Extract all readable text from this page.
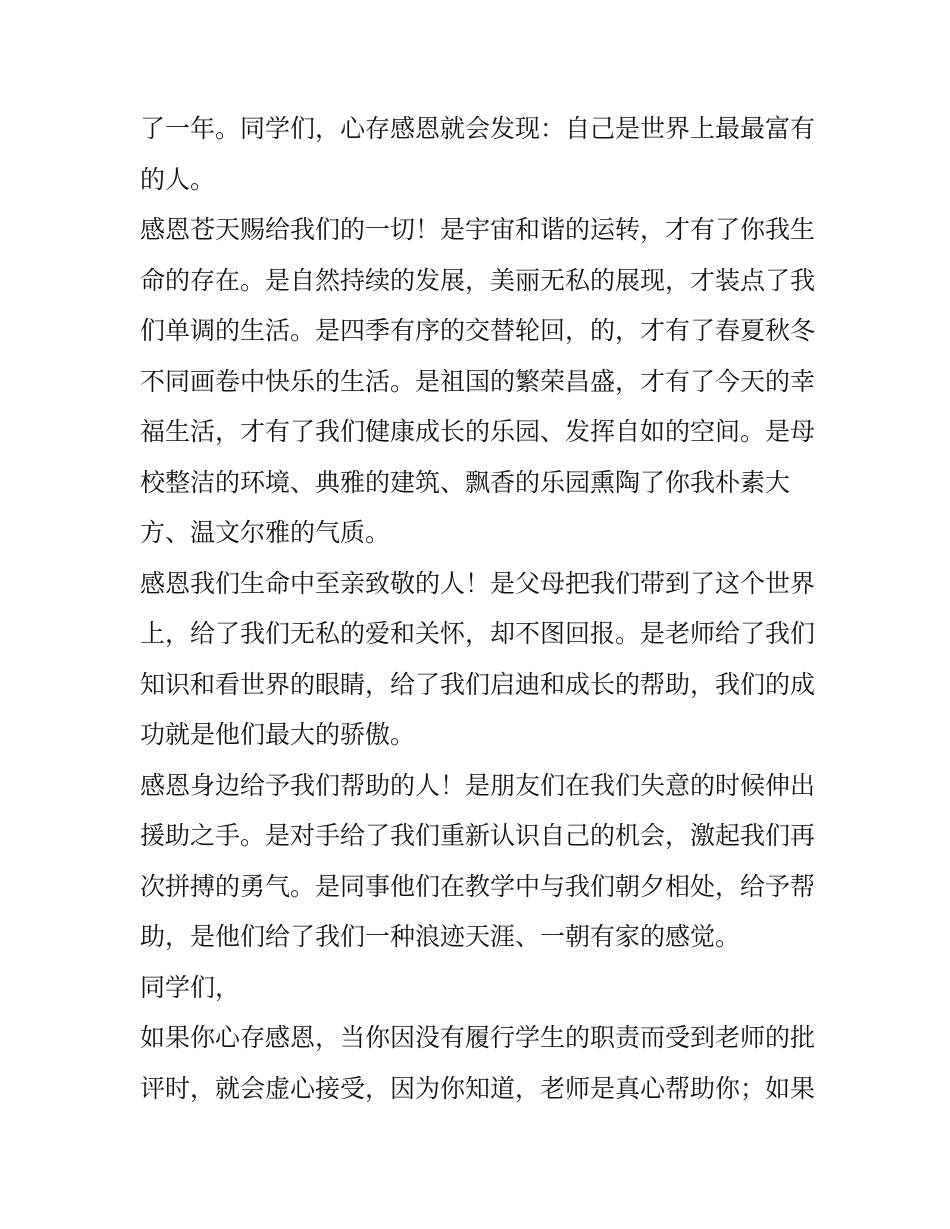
了一年。同学们，心存感恩就会发现：自己是世界上最最富有
的人。
感恩苍天赐给我们的一切！是宇宙和谐的运转，才有了你我生
命的存在。是自然持续的发展，美丽无私的展现，才装点了我
们单调的生活。是四季有序的交替轮回，的，才有了春夏秋冬
不同画卷中快乐的生活。是祖国的繁荣昌盛，才有了今天的幸
福生活，才有了我们健康成长的乐园、发挥自如的空间。是母
校整洁的环境、典雅的建筑、飘香的乐园熏陶了你我朴素大
方、温文尔雅的气质。
感恩我们生命中至亲致敬的人！是父母把我们带到了这个世界
上，给了我们无私的爱和关怀，却不图回报。是老师给了我们
知识和看世界的眼睛，给了我们启迪和成长的帮助，我们的成
功就是他们最大的骄傲。
感恩身边给予我们帮助的人！是朋友们在我们失意的时候伸出
援助之手。是对手给了我们重新认识自己的机会，激起我们再
次拼搏的勇气。是同事他们在教学中与我们朝夕相处，给予帮
助，是他们给了我们一种浪迹天涯、一朝有家的感觉。
同学们，
如果你心存感恩，当你因没有履行学生的职责而受到老师的批
评时，就会虚心接受，因为你知道，老师是真心帮助你；如果
